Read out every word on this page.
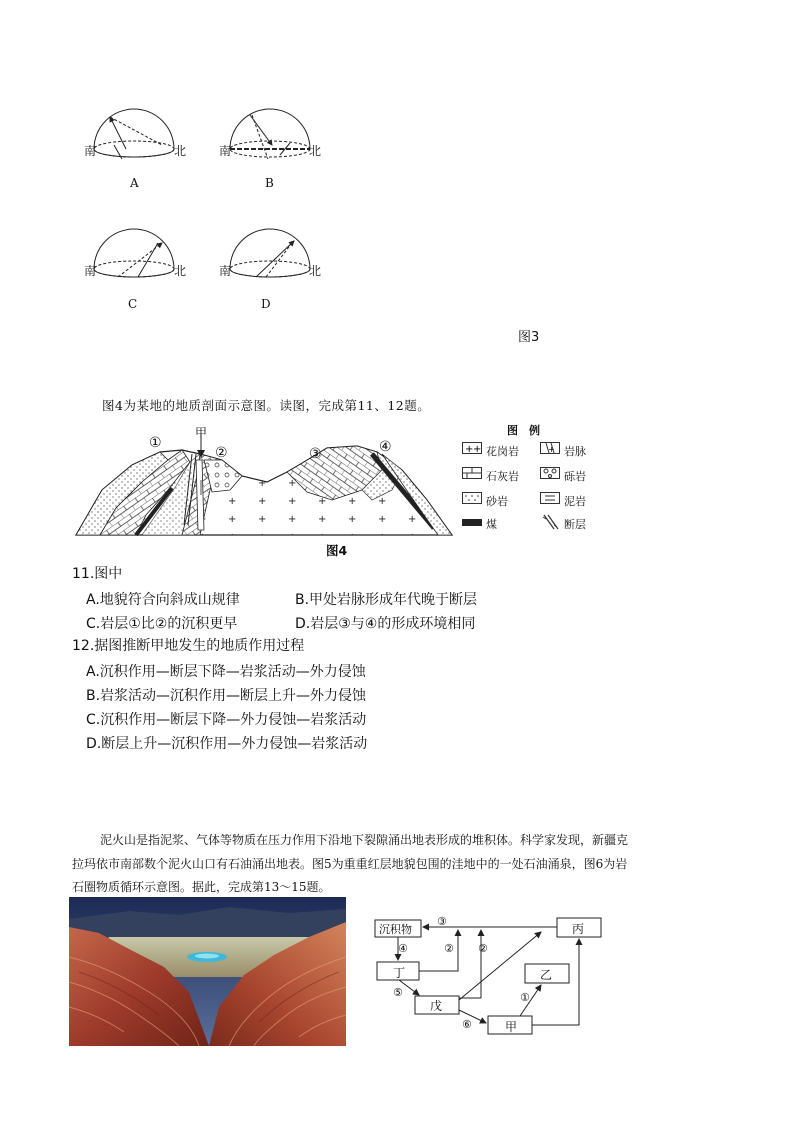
南	北	南	北
南	北	南	北
A	B
C	D
图3
图4为某地的地质剖面示意图。读图，完成第11、12题。
甲
①
②	③	④
图4
图　例
+ + 花岗岩	+ 岩脉
石灰岩	砾岩
砂岩	泥岩
煤	断层
11.图中
A.地貌符合向斜成山规律	B.甲处岩脉形成年代晚于断层
C.岩层①比②的沉积更早	D.岩层③与④的形成环境相同
12.据图推断甲地发生的地质作用过程
A.沉积作用—断层下降—岩浆活动—外力侵蚀
B.岩浆活动—沉积作用—断层上升—外力侵蚀
C.沉积作用—断层下降—外力侵蚀—岩浆活动
D.断层上升—沉积作用—外力侵蚀—岩浆活动
泥火山是指泥浆、气体等物质在压力作用下沿地下裂隙涌出地表形成的堆积体。科学家发现，新疆克
拉玛依市南部数个泥火山口有石油涌出地表。图5为重重红层地貌包围的洼地中的一处石油涌泉，图6为岩
石圈物质循环示意图。据此，完成第13～15题。
沉积物	丙
丁	乙
戊
甲
①
② ②
③
④
⑤
⑥
